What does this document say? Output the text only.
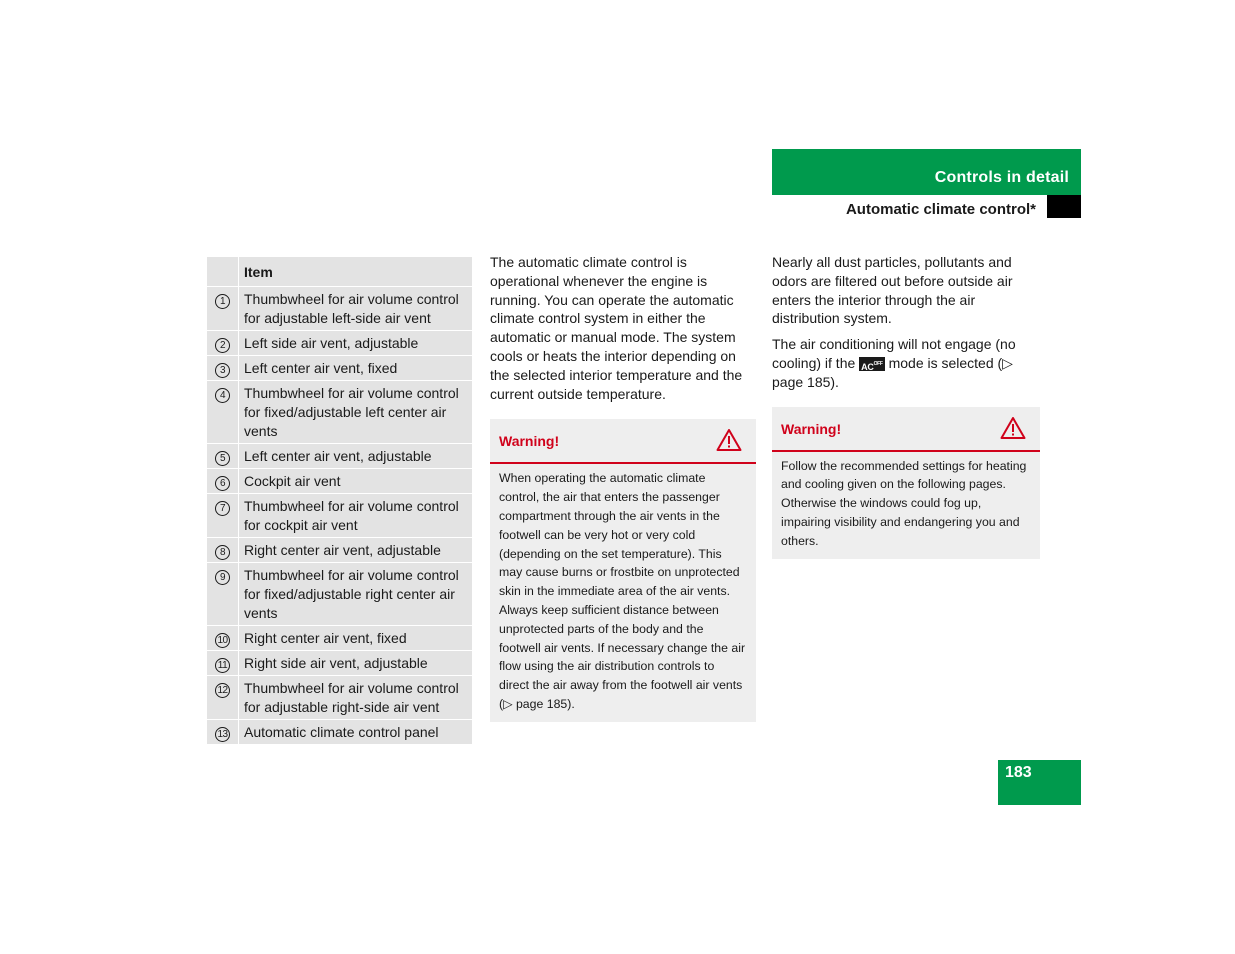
Controls in detail
Automatic climate control*
	Item
1	Thumbwheel for air volume control for adjustable left-side air vent
2	Left side air vent, adjustable
3	Left center air vent, fixed
4	Thumbwheel for air volume control for fixed/adjustable left center air vents
5	Left center air vent, adjustable
6	Cockpit air vent
7	Thumbwheel for air volume control for cockpit air vent
8	Right center air vent, adjustable
9	Thumbwheel for air volume control for fixed/adjustable right center air vents
10	Right center air vent, fixed
11	Right side air vent, adjustable
12	Thumbwheel for air volume control for adjustable right-side air vent
13	Automatic climate control panel

The automatic climate control is operational whenever the engine is running. You can operate the automatic climate control system in either the automatic or manual mode. The system cools or heats the interior depending on the selected interior temperature and the current outside temperature.

Warning!
When operating the automatic climate control, the air that enters the passenger compartment through the air vents in the footwell can be very hot or very cold (depending on the set temperature). This may cause burns or frostbite on unprotected skin in the immediate area of the air vents. Always keep sufficient distance between unprotected parts of the body and the footwell air vents. If necessary change the air flow using the air distribution controls to direct the air away from the footwell air vents (▷ page 185).

Nearly all dust particles, pollutants and odors are filtered out before outside air enters the interior through the air distribution system.

The air conditioning will not engage (no cooling) if the $AC^{OFF}$ mode is selected (▷ page 185).

Warning!
Follow the recommended settings for heating and cooling given on the following pages. Otherwise the windows could fog up, impairing visibility and endangering you and others.
183
